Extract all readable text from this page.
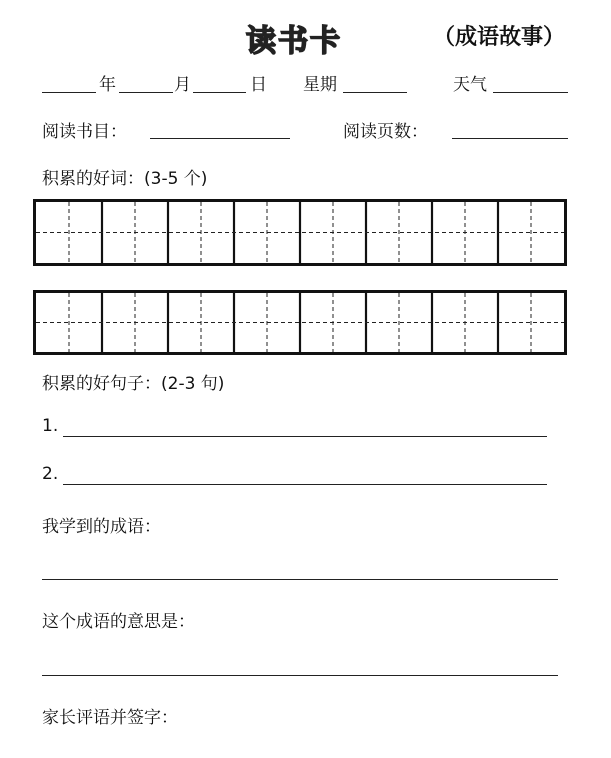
读书卡	（成语故事）
年	月	日 星期	天气
阅读书目：	阅读页数：
积累的好词：(3-5 个)
积累的好句子：(2-3 句)
1.
2.
我学到的成语：
这个成语的意思是：
家长评语并签字：
